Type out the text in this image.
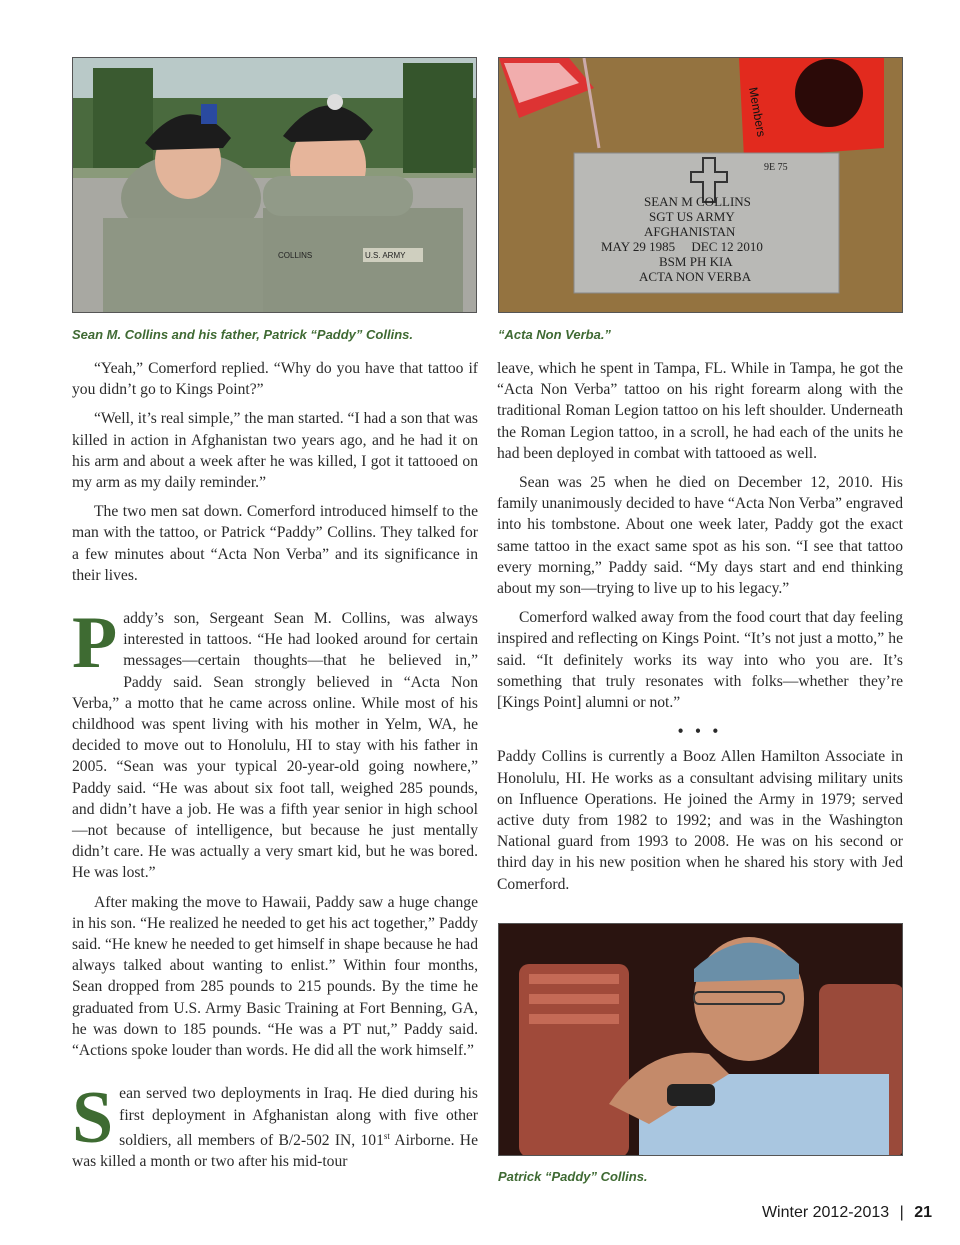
COLLINS	U.S. ARMY

Sean M. Collins and his father, Patrick “Paddy” Collins.

Members
9E 75
SEAN M COLLINS
SGT US ARMY
AFGHANISTAN
MAY 29 1985     DEC 12 2010
BSM PH KIA
ACTA NON VERBA

“Acta Non Verba.”

“Yeah,” Comerford replied. “Why do you have that tattoo if you didn’t go to Kings Point?”

“Well, it’s real simple,” the man started. “I had a son that was killed in action in Afghanistan two years ago, and he had it on his arm and about a week after he was killed, I got it tattooed on my arm as my daily reminder.”

The two men sat down. Comerford introduced himself to the man with the tattoo, or Patrick “Paddy” Collins. They talked for a few minutes about “Acta Non Verba” and its significance in their lives.

Paddy’s son, Sergeant Sean M. Collins, was always interested in tattoos. “He had looked around for certain messages—certain thoughts—that he believed in,” Paddy said. Sean strongly believed in “Acta Non Verba,” a motto that he came across online. While most of his childhood was spent living with his mother in Yelm, WA, he decided to move out to Honolulu, HI to stay with his father in 2005. “Sean was your typical 20-year-old going nowhere,” Paddy said. “He was about six foot tall, weighed 285 pounds, and didn’t have a job. He was a fifth year senior in high school—not because of intelligence, but because he just mentally didn’t care. He was actually a very smart kid, but he was bored. He was lost.”

After making the move to Hawaii, Paddy saw a huge change in his son. “He realized he needed to get his act together,” Paddy said. “He knew he needed to get himself in shape because he had always talked about wanting to enlist.” Within four months, Sean dropped from 285 pounds to 215 pounds. By the time he graduated from U.S. Army Basic Training at Fort Benning, GA, he was down to 185 pounds. “He was a PT nut,” Paddy said. “Actions spoke louder than words. He did all the work himself.”

Sean served two deployments in Iraq. He died during his first deployment in Afghanistan along with five other soldiers, all members of B/2-502 IN, 101st Airborne. He was killed a month or two after his mid-tour

leave, which he spent in Tampa, FL. While in Tampa, he got the “Acta Non Verba” tattoo on his right forearm along with the traditional Roman Legion tattoo on his left shoulder. Underneath the Roman Legion tattoo, in a scroll, he had each of the units he had been deployed in combat with tattooed as well.

Sean was 25 when he died on December 12, 2010. His family unanimously decided to have “Acta Non Verba” engraved into his tombstone. About one week later, Paddy got the exact same tattoo in the exact same spot as his son. “I see that tattoo every morning,” Paddy said. “My days start and end thinking about my son—trying to live up to his legacy.”

Comerford walked away from the food court that day feeling inspired and reflecting on Kings Point. “It’s not just a motto,” he said. “It definitely works its way into who you are. It’s something that truly resonates with folks—whether they’re [Kings Point] alumni or not.”

• • •

Paddy Collins is currently a Booz Allen Hamilton Associate in Honolulu, HI. He works as a consultant advising military units on Influence Operations. He joined the Army in 1979; served active duty from 1982 to 1992; and was in the Washington National guard from 1993 to 2008. He was on his second or third day in his new position when he shared his story with Jed Comerford.

Patrick “Paddy” Collins.

Winter 2012-2013 | 21
